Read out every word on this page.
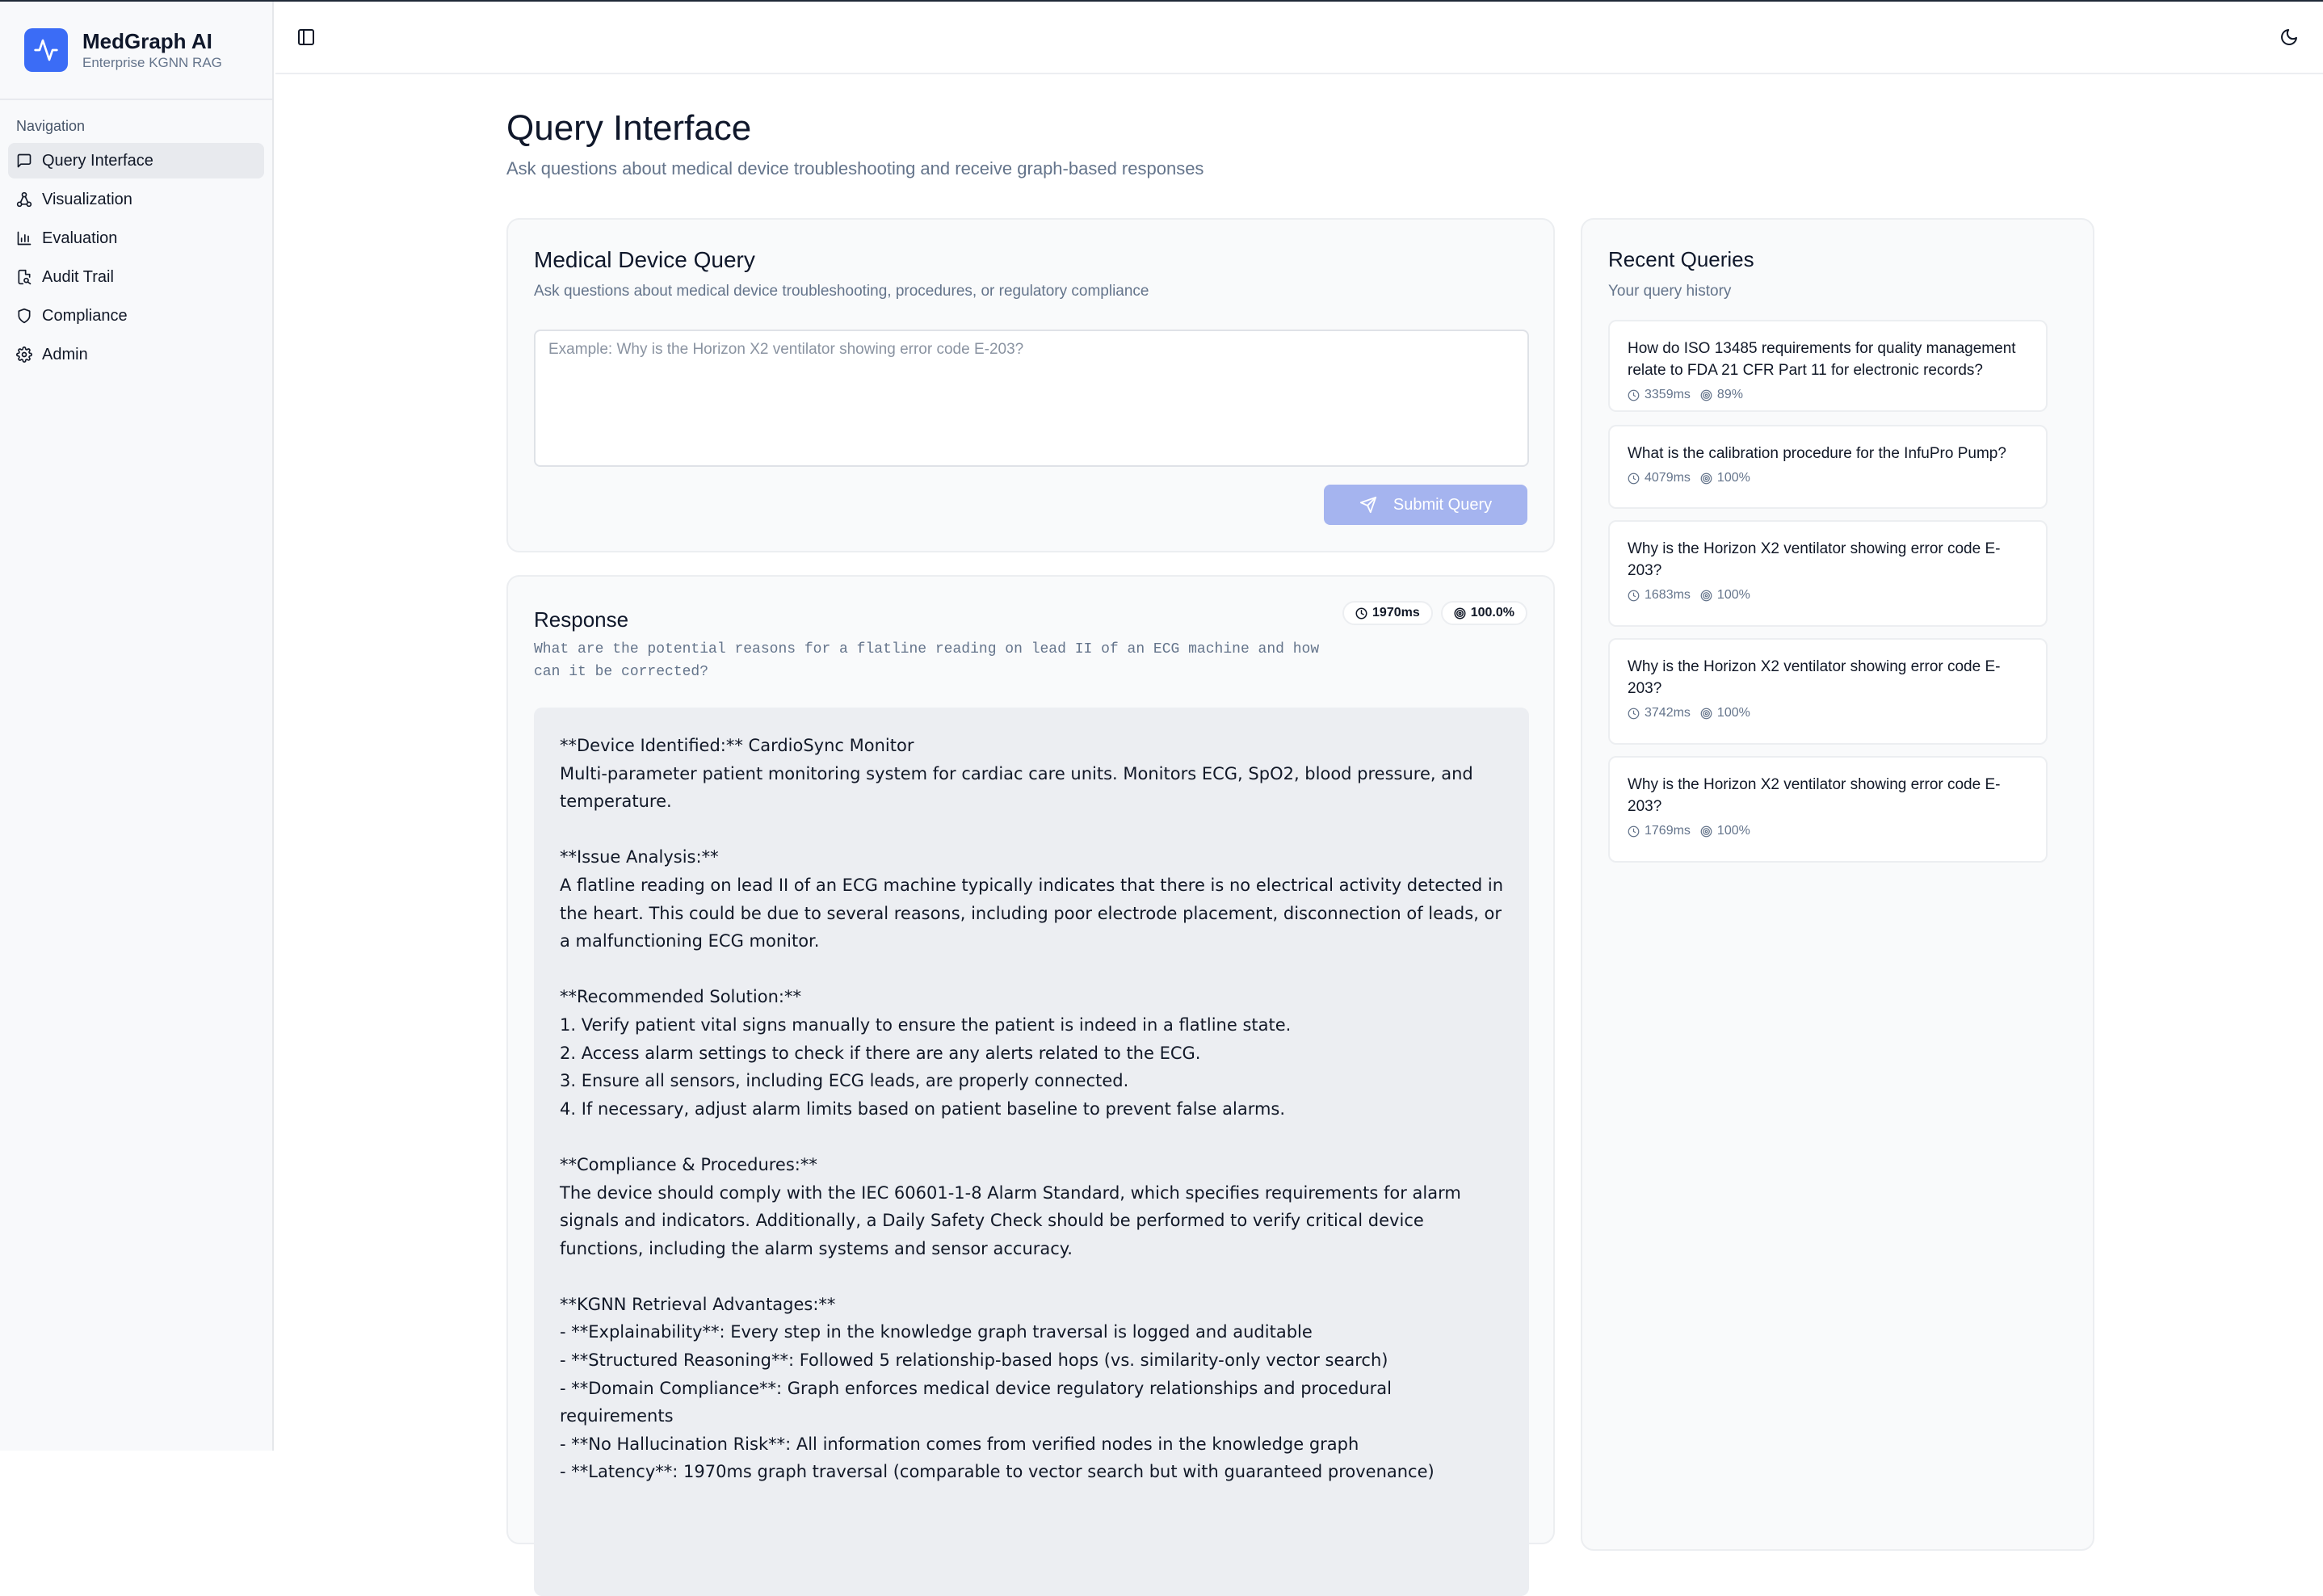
MedGraph AI
Enterprise KGNN RAG
Navigation
Query Interface
Visualization
Evaluation
Audit Trail
Compliance
Admin
Query Interface

Ask questions about medical device troubleshooting and receive graph-based responses

Medical Device Query
Ask questions about medical device troubleshooting, procedures, or regulatory compliance
Example: Why is the Horizon X2 ventilator showing error code E-203?
Submit Query
Response	1970ms	100.0%
What are the potential reasons for a flatline reading on lead II of an ECG machine and how can it be corrected?
**Device Identified:** CardioSync Monitor
Multi-parameter patient monitoring system for cardiac care units. Monitors ECG, SpO2, blood pressure, and temperature.

**Issue Analysis:**
A flatline reading on lead II of an ECG machine typically indicates that there is no electrical activity detected in the heart. This could be due to several reasons, including poor electrode placement, disconnection of leads, or a malfunctioning ECG monitor.

**Recommended Solution:**
1. Verify patient vital signs manually to ensure the patient is indeed in a flatline state.
2. Access alarm settings to check if there are any alerts related to the ECG.
3. Ensure all sensors, including ECG leads, are properly connected.
4. If necessary, adjust alarm limits based on patient baseline to prevent false alarms.

**Compliance & Procedures:**
The device should comply with the IEC 60601-1-8 Alarm Standard, which specifies requirements for alarm signals and indicators. Additionally, a Daily Safety Check should be performed to verify critical device functions, including the alarm systems and sensor accuracy.

**KGNN Retrieval Advantages:**
- **Explainability**: Every step in the knowledge graph traversal is logged and auditable
- **Structured Reasoning**: Followed 5 relationship-based hops (vs. similarity-only vector search)
- **Domain Compliance**: Graph enforces medical device regulatory relationships and procedural requirements
- **No Hallucination Risk**: All information comes from verified nodes in the knowledge graph
- **Latency**: 1970ms graph traversal (comparable to vector search but with guaranteed provenance)
Recent Queries
Your query history
How do ISO 13485 requirements for quality management relate to FDA 21 CFR Part 11 for electronic records?
3359ms 89%
What is the calibration procedure for the InfuPro Pump?
4079ms 100%
Why is the Horizon X2 ventilator showing error code E-203?
1683ms 100%
Why is the Horizon X2 ventilator showing error code E-203?
3742ms 100%
Why is the Horizon X2 ventilator showing error code E-203?
1769ms 100%
